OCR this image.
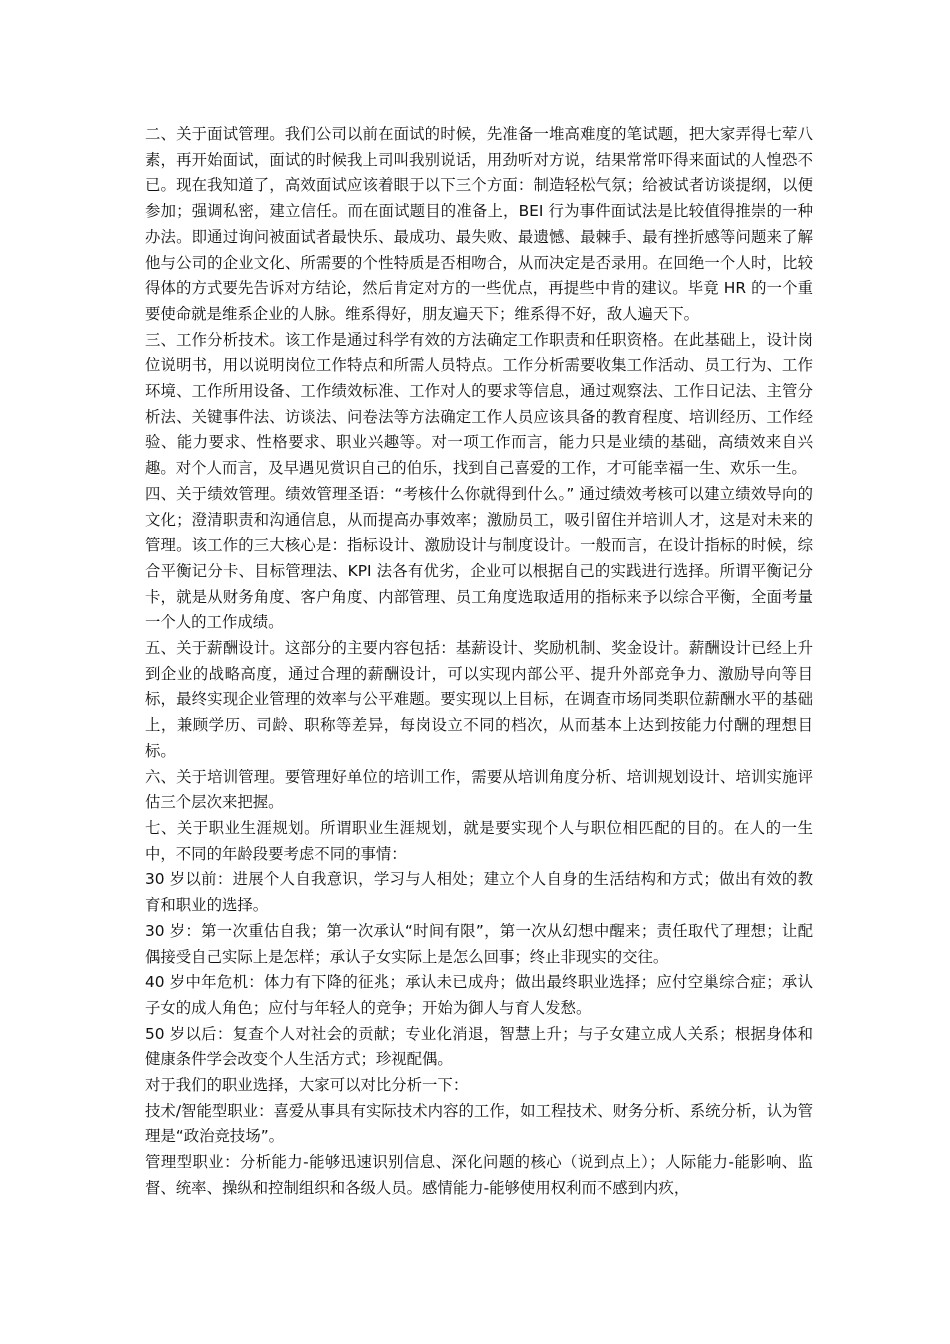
二、关于面试管理。我们公司以前在面试的时候，先准备一堆高难度的笔试题，把大家弄得七荤八素，再开始面试，面试的时候我上司叫我别说话，用劲听对方说，结果常常吓得来面试的人惶恐不已。现在我知道了，高效面试应该着眼于以下三个方面：制造轻松气氛；给被试者访谈提纲，以便参加；强调私密，建立信任。而在面试题目的准备上，BEI 行为事件面试法是比较值得推崇的一种办法。即通过询问被面试者最快乐、最成功、最失败、最遗憾、最棘手、最有挫折感等问题来了解他与公司的企业文化、所需要的个性特质是否相吻合，从而决定是否录用。在回绝一个人时，比较得体的方式要先告诉对方结论，然后肯定对方的一些优点，再提些中肯的建议。毕竟 HR 的一个重要使命就是维系企业的人脉。维系得好，朋友遍天下；维系得不好，敌人遍天下。

三、工作分析技术。该工作是通过科学有效的方法确定工作职责和任职资格。在此基础上，设计岗位说明书，用以说明岗位工作特点和所需人员特点。工作分析需要收集工作活动、员工行为、工作环境、工作所用设备、工作绩效标准、工作对人的要求等信息，通过观察法、工作日记法、主管分析法、关键事件法、访谈法、问卷法等方法确定工作人员应该具备的教育程度、培训经历、工作经验、能力要求、性格要求、职业兴趣等。对一项工作而言，能力只是业绩的基础，高绩效来自兴趣。对个人而言，及早遇见赏识自己的伯乐，找到自己喜爱的工作，才可能幸福一生、欢乐一生。

四、关于绩效管理。绩效管理圣语：“考核什么你就得到什么。” 通过绩效考核可以建立绩效导向的文化；澄清职责和沟通信息，从而提高办事效率；激励员工，吸引留住并培训人才，这是对未来的管理。该工作的三大核心是：指标设计、激励设计与制度设计。一般而言，在设计指标的时候，综合平衡记分卡、目标管理法、KPI 法各有优劣，企业可以根据自己的实践进行选择。所谓平衡记分卡，就是从财务角度、客户角度、内部管理、员工角度选取适用的指标来予以综合平衡，全面考量一个人的工作成绩。

五、关于薪酬设计。这部分的主要内容包括：基薪设计、奖励机制、奖金设计。薪酬设计已经上升到企业的战略高度，通过合理的薪酬设计，可以实现内部公平、提升外部竞争力、激励导向等目标，最终实现企业管理的效率与公平难题。要实现以上目标，在调查市场同类职位薪酬水平的基础上，兼顾学历、司龄、职称等差异，每岗设立不同的档次，从而基本上达到按能力付酬的理想目标。

六、关于培训管理。要管理好单位的培训工作，需要从培训角度分析、培训规划设计、培训实施评估三个层次来把握。

七、关于职业生涯规划。所谓职业生涯规划，就是要实现个人与职位相匹配的目的。在人的一生中，不同的年龄段要考虑不同的事情：

30 岁以前：进展个人自我意识，学习与人相处；建立个人自身的生活结构和方式；做出有效的教育和职业的选择。

30 岁：第一次重估自我；第一次承认“时间有限”，第一次从幻想中醒来；责任取代了理想；让配偶接受自己实际上是怎样；承认子女实际上是怎么回事；终止非现实的交往。

40 岁中年危机：体力有下降的征兆；承认未已成舟；做出最终职业选择；应付空巢综合症；承认子女的成人角色；应付与年轻人的竞争；开始为御人与育人发愁。

50 岁以后：复查个人对社会的贡献；专业化消退，智慧上升；与子女建立成人关系；根据身体和健康条件学会改变个人生活方式；珍视配偶。

对于我们的职业选择，大家可以对比分析一下：

技术/智能型职业：喜爱从事具有实际技术内容的工作，如工程技术、财务分析、系统分析，认为管理是“政治竞技场”。

管理型职业：分析能力-能够迅速识别信息、深化问题的核心（说到点上）；人际能力-能影响、监督、统率、操纵和控制组织和各级人员。感情能力-能够使用权利而不感到内疚，
